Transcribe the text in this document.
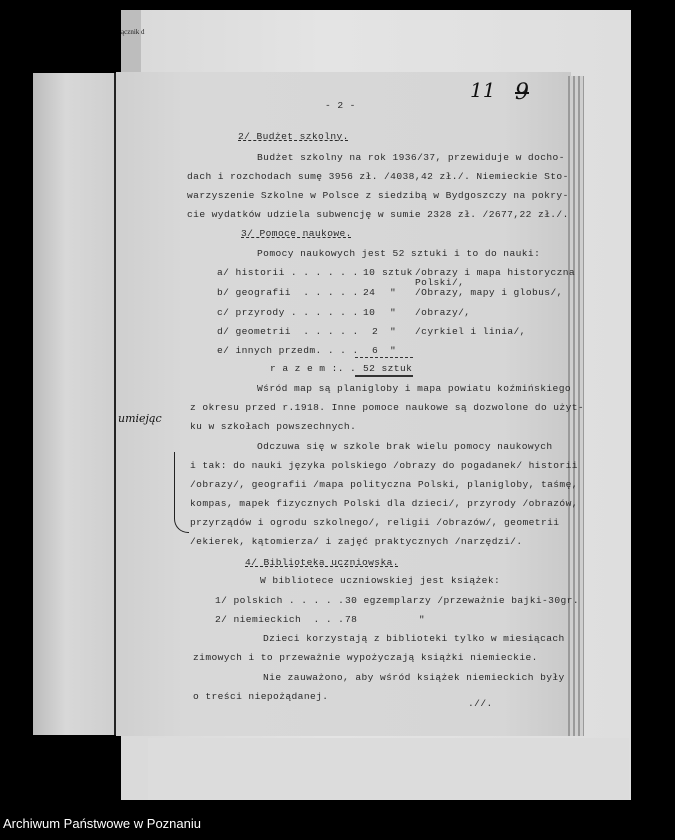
ącznik d
- 2 -
11 9
2/ Budżet szkolny.
Budżet szkolny na rok 1936/37, przewiduje w docho-
dach i rozchodach sumę 3956 zł. /4038,42 zł./. Niemieckie Sto-
warzyszenie Szkolne w Polsce z siedzibą w Bydgoszczy na pokry-
cie wydatków udziela subwencję w sumie 2328 zł. /2677,22 zł./.
3/ Pomoce naukowe.
Pomocy naukowych jest 52 sztuki i to do nauki:
a/ historii . . . . . . 10 sztuk /obrazy i mapa historyczna
Polski/,
b/ geografii  . . . . . 24 " /Obrazy, mapy i globus/,
c/ przyrody . . . . . . 10 " /obrazy/,
d/ geometrii  . . . . . 2 " /cyrkiel i linia/,
e/ innych przedm. . . . 6 "
r a z e m :. . 52 sztuk
Wśród map są planigloby i mapa powiatu koźmińskiego
z okresu przed r.1918. Inne pomoce naukowe są dozwolone do użyt-
ku w szkołach powszechnych.
umiejąc
Odczuwa się w szkole brak wielu pomocy naukowych
i tak: do nauki języka polskiego /obrazy do pogadanek/ historii
/obrazy/, geografii /mapa polityczna Polski, planigloby, taśmę,
kompas, mapek fizycznych Polski dla dzieci/, przyrody /obrazów,
przyrządów i ogrodu szkolnego/, religii /obrazów/, geometrii
/ekierek, kątomierza/ i zajęć praktycznych /narzędzi/.
4/ Biblioteka uczniowska.
W bibliotece uczniowskiej jest książek:
1/ polskich . . . . . 30 egzemplarzy /przeważnie bajki-30gr.
2/ niemieckich  . . . 78          "
Dzieci korzystają z biblioteki tylko w miesiącach
zimowych i to przeważnie wypożyczają książki niemieckie.
Nie zauważono, aby wśród książek niemieckich były
o treści niepożądanej.
.//.
Archiwum Państwowe w Poznaniu
